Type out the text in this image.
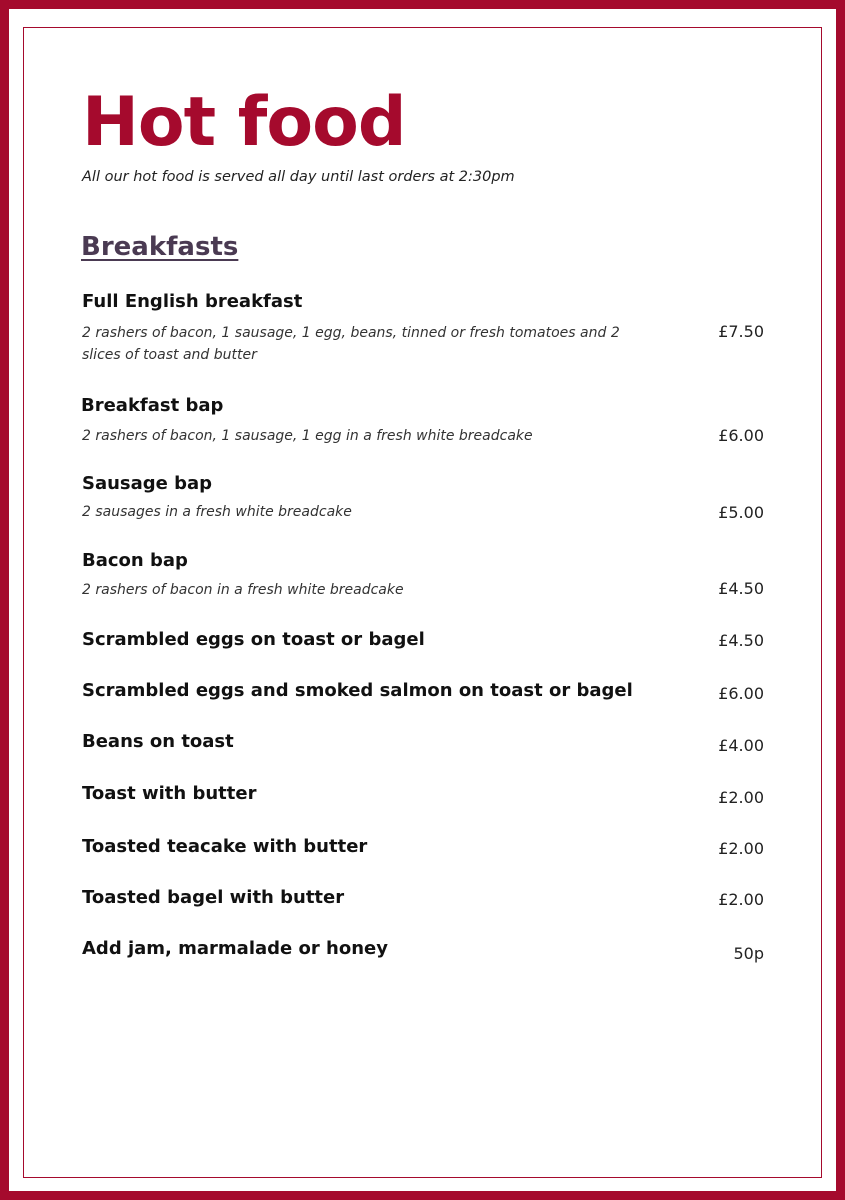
Hot food
All our hot food is served all day until last orders at 2:30pm
Breakfasts
Full English breakfast
2 rashers of bacon, 1 sausage, 1 egg, beans, tinned or fresh tomatoes and 2 slices of toast and butter
£7.50
Breakfast bap
2 rashers of bacon, 1 sausage, 1 egg in a fresh white breadcake	£6.00
Sausage bap
2 sausages in a fresh white breadcake	£5.00
Bacon bap
2 rashers of bacon in a fresh white breadcake	£4.50
Scrambled eggs on toast or bagel	£4.50
Scrambled eggs and smoked salmon on toast or bagel	£6.00
Beans on toast	£4.00
Toast with butter	£2.00
Toasted teacake with butter	£2.00
Toasted bagel with butter	£2.00
Add jam, marmalade or honey	50p
